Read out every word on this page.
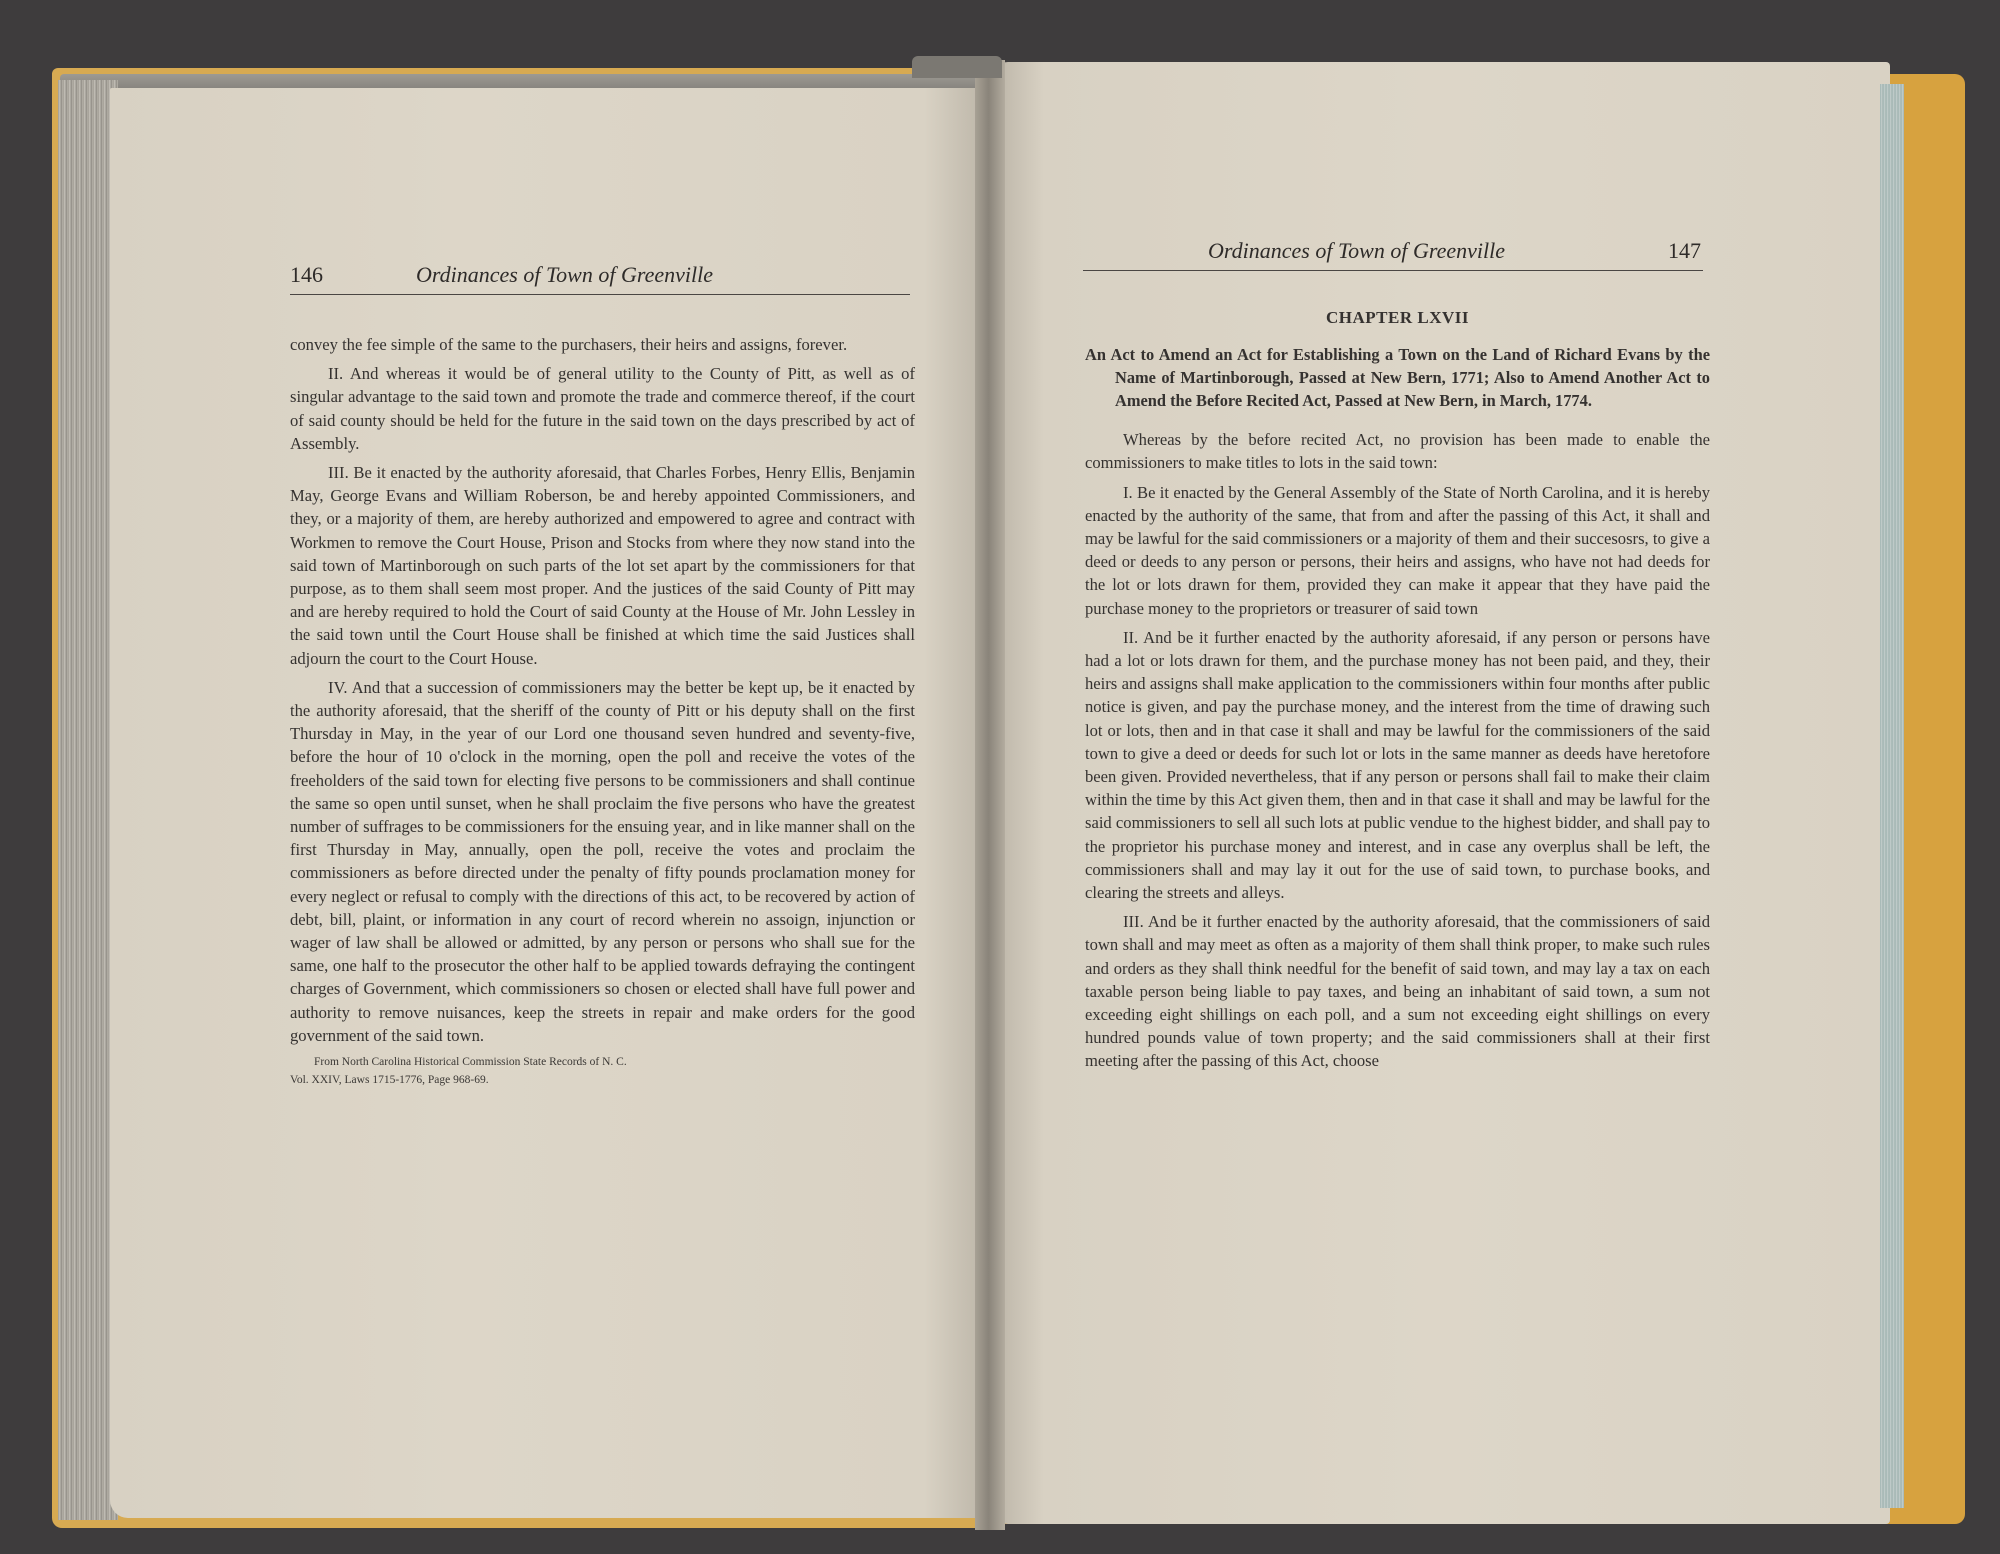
146	Ordinances of Town of Greenville

convey the fee simple of the same to the purchasers, their heirs and assigns, forever.

II. And whereas it would be of general utility to the County of Pitt, as well as of singular advantage to the said town and promote the trade and commerce thereof, if the court of said county should be held for the future in the said town on the days prescribed by act of Assembly.

III. Be it enacted by the authority aforesaid, that Charles Forbes, Henry Ellis, Benjamin May, George Evans and William Roberson, be and hereby appointed Commissioners, and they, or a majority of them, are hereby authorized and empowered to agree and contract with Workmen to remove the Court House, Prison and Stocks from where they now stand into the said town of Martinborough on such parts of the lot set apart by the commissioners for that purpose, as to them shall seem most proper. And the justices of the said County of Pitt may and are hereby required to hold the Court of said County at the House of Mr. John Lessley in the said town until the Court House shall be finished at which time the said Justices shall adjourn the court to the Court House.

IV. And that a succession of commissioners may the better be kept up, be it enacted by the authority aforesaid, that the sheriff of the county of Pitt or his deputy shall on the first Thursday in May, in the year of our Lord one thousand seven hundred and seventy-five, before the hour of 10 o'clock in the morning, open the poll and receive the votes of the freeholders of the said town for electing five persons to be commissioners and shall continue the same so open until sunset, when he shall proclaim the five persons who have the greatest number of suffrages to be commissioners for the ensuing year, and in like manner shall on the first Thursday in May, annually, open the poll, receive the votes and proclaim the commissioners as before directed under the penalty of fifty pounds proclamation money for every neglect or refusal to comply with the directions of this act, to be recovered by action of debt, bill, plaint, or information in any court of record wherein no assoign, injunction or wager of law shall be allowed or admitted, by any person or persons who shall sue for the same, one half to the prosecutor the other half to be applied towards defraying the contingent charges of Government, which commissioners so chosen or elected shall have full power and authority to remove nuisances, keep the streets in repair and make orders for the good government of the said town.

From North Carolina Historical Commission State Records of N. C.
Vol. XXIV, Laws 1715-1776, Page 968-69.
Ordinances of Town of Greenville	147
CHAPTER LXVII
An Act to Amend an Act for Establishing a Town on the Land of Richard Evans by the Name of Martinborough, Passed at New Bern, 1771; Also to Amend Another Act to Amend the Before Recited Act, Passed at New Bern, in March, 1774.

Whereas by the before recited Act, no provision has been made to enable the commissioners to make titles to lots in the said town:

I. Be it enacted by the General Assembly of the State of North Carolina, and it is hereby enacted by the authority of the same, that from and after the passing of this Act, it shall and may be lawful for the said commissioners or a majority of them and their succesosrs, to give a deed or deeds to any person or persons, their heirs and assigns, who have not had deeds for the lot or lots drawn for them, provided they can make it appear that they have paid the purchase money to the proprietors or treasurer of said town

II. And be it further enacted by the authority aforesaid, if any person or persons have had a lot or lots drawn for them, and the purchase money has not been paid, and they, their heirs and assigns shall make application to the commissioners within four months after public notice is given, and pay the purchase money, and the interest from the time of drawing such lot or lots, then and in that case it shall and may be lawful for the commissioners of the said town to give a deed or deeds for such lot or lots in the same manner as deeds have heretofore been given. Provided nevertheless, that if any person or persons shall fail to make their claim within the time by this Act given them, then and in that case it shall and may be lawful for the said commissioners to sell all such lots at public vendue to the highest bidder, and shall pay to the proprietor his purchase money and interest, and in case any overplus shall be left, the commissioners shall and may lay it out for the use of said town, to purchase books, and clearing the streets and alleys.

III. And be it further enacted by the authority aforesaid, that the commissioners of said town shall and may meet as often as a majority of them shall think proper, to make such rules and orders as they shall think needful for the benefit of said town, and may lay a tax on each taxable person being liable to pay taxes, and being an inhabitant of said town, a sum not exceeding eight shillings on each poll, and a sum not exceeding eight shillings on every hundred pounds value of town property; and the said commissioners shall at their first meeting after the passing of this Act, choose
